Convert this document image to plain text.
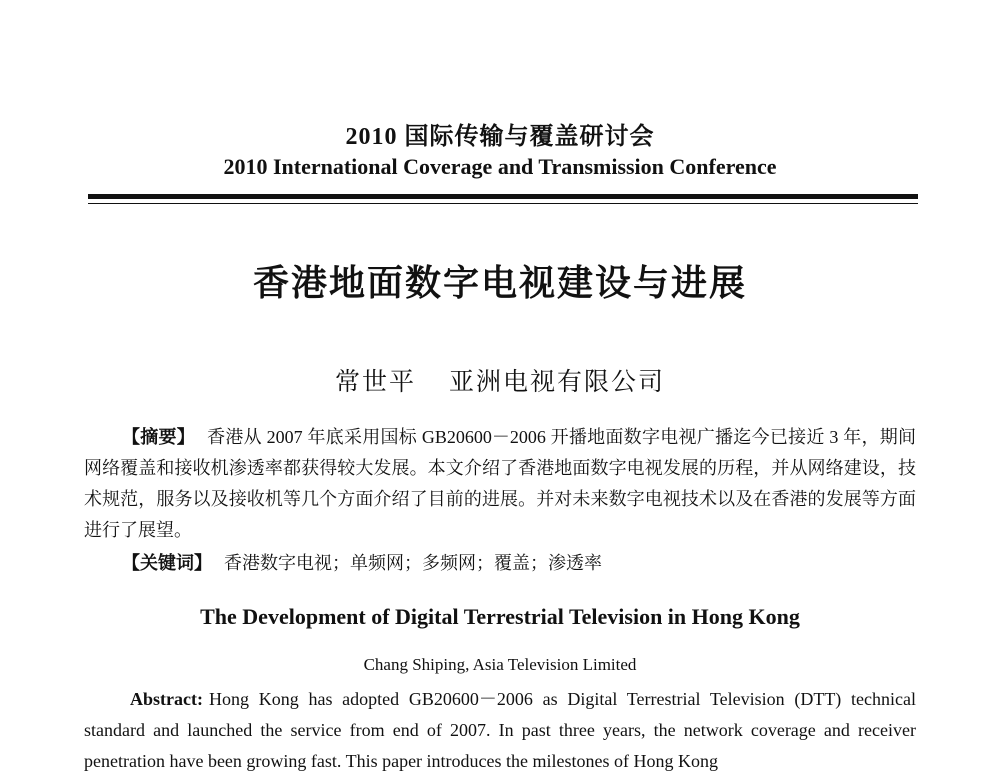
2010 国际传输与覆盖研讨会
2010 International Coverage and Transmission Conference
香港地面数字电视建设与进展
常世平    亚洲电视有限公司
【摘要】 香港从 2007 年底采用国标 GB20600－2006 开播地面数字电视广播迄今已接近 3 年，期间网络覆盖和接收机渗透率都获得较大发展。本文介绍了香港地面数字电视发展的历程，并从网络建设，技术规范，服务以及接收机等几个方面介绍了目前的进展。并对未来数字电视技术以及在香港的发展等方面进行了展望。
【关键词】 香港数字电视；单频网；多频网；覆盖；渗透率
The Development of Digital Terrestrial Television in Hong Kong
Chang Shiping, Asia Television Limited
Abstract: Hong Kong has adopted GB20600－2006 as Digital Terrestrial Television (DTT) technical standard and launched the service from end of 2007. In past three years, the network coverage and receiver penetration have been growing fast. This paper introduces the milestones of Hong Kong
